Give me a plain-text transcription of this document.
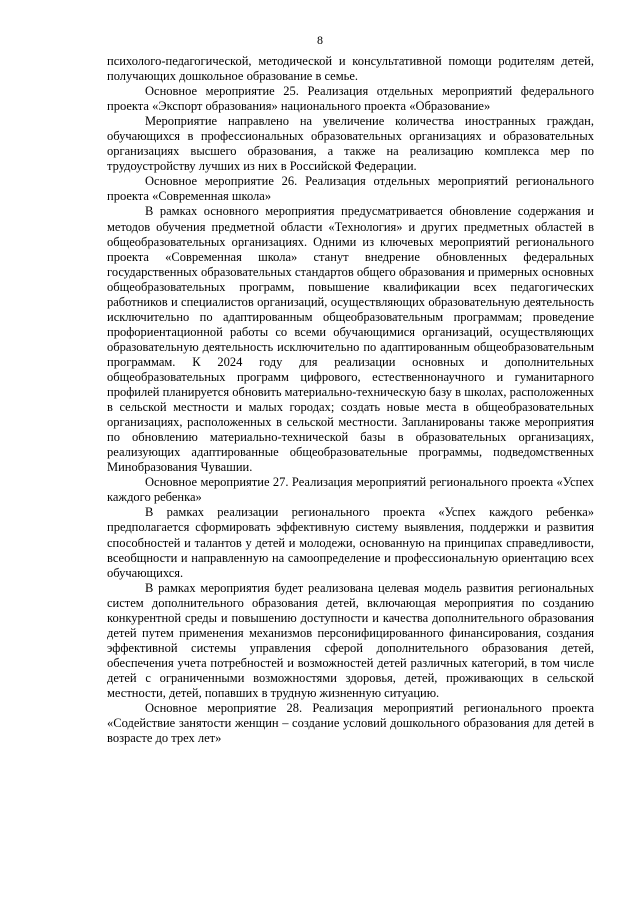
8

психолого-педагогической, методической и консультативной помощи родителям детей, получающих дошкольное образование в семье.

Основное мероприятие 25. Реализация отдельных мероприятий федерального проекта «Экспорт образования» национального проекта «Образование»

Мероприятие направлено на увеличение количества иностранных граждан, обучающихся в профессиональных образовательных организациях и образовательных организациях высшего образования, а также на реализацию комплекса мер по трудоустройству лучших из них в Российской Федерации.

Основное мероприятие 26. Реализация отдельных мероприятий регионального проекта «Современная школа»

В рамках основного мероприятия предусматривается обновление содержания и методов обучения предметной области «Технология» и других предметных областей в общеобразовательных организациях. Одними из ключевых мероприятий регионального проекта «Современная школа» станут внедрение обновленных федеральных государственных образовательных стандартов общего образования и примерных основных общеобразовательных программ, повышение квалификации всех педагогических работников и специалистов организаций, осуществляющих образовательную деятельность исключительно по адаптированным общеобразовательным программам; проведение профориентационной работы со всеми обучающимися организаций, осуществляющих образовательную деятельность исключительно по адаптированным общеобразовательным программам. К 2024 году для реализации основных и дополнительных общеобразовательных программ цифрового, естественнонаучного и гуманитарного профилей планируется обновить материально-техническую базу в школах, расположенных в сельской местности и малых городах; создать новые места в общеобразовательных организациях, расположенных в сельской местности. Запланированы также мероприятия по обновлению материально-технической базы в образовательных организациях, реализующих адаптированные общеобразовательные программы, подведомственных Минобразования Чувашии.

Основное мероприятие 27. Реализация мероприятий регионального проекта «Успех каждого ребенка»

В рамках реализации регионального проекта «Успех каждого ребенка» предполагается сформировать эффективную систему выявления, поддержки и развития способностей и талантов у детей и молодежи, основанную на принципах справедливости, всеобщности и направленную на самоопределение и профессиональную ориентацию всех обучающихся.

В рамках мероприятия будет реализована целевая модель развития региональных систем дополнительного образования детей, включающая мероприятия по созданию конкурентной среды и повышению доступности и качества дополнительного образования детей путем применения механизмов персонифицированного финансирования, создания эффективной системы управления сферой дополнительного образования детей, обеспечения учета потребностей и возможностей детей различных категорий, в том числе детей с ограниченными возможностями здоровья, детей, проживающих в сельской местности, детей, попавших в трудную жизненную ситуацию.

Основное мероприятие 28. Реализация мероприятий регионального проекта «Содействие занятости женщин – создание условий дошкольного образования для детей в возрасте до трех лет»
